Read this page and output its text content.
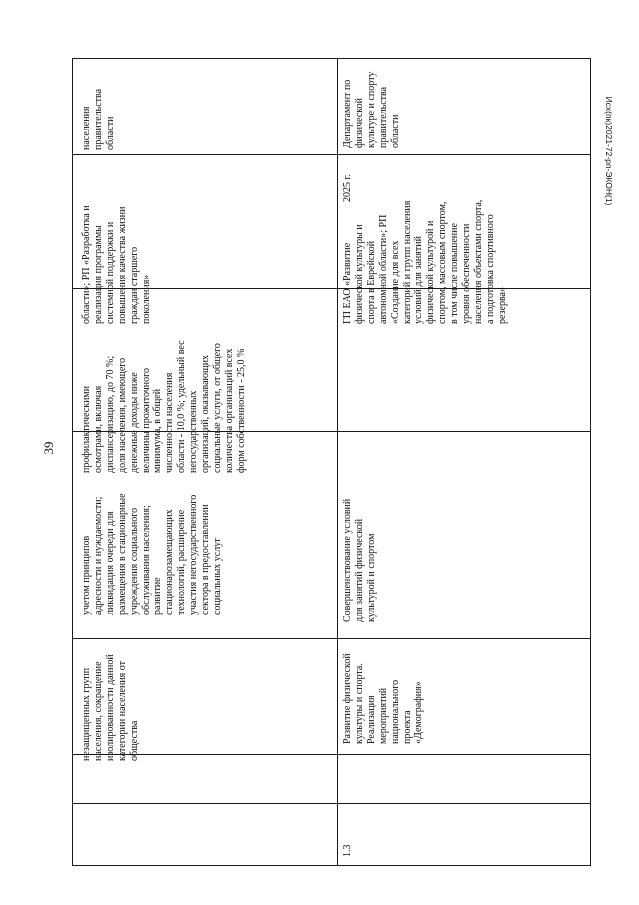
39
Исх(пк)2021-72-рп-ЭКОН(1)
незащищенных групп населения, сокращение изолированности данной категории населения от общества
учетом принципов адресности и нуждаемости; ликвидация очереди для размещения в стационарные учреждения социального обслуживания населения; развитие стационарозамещающих технологий, расширение участия негосударственного сектора в предоставлении социальных услуг
профилактическими осмотрами, включая диспансеризацию, до 70 %; доля населения, имеющего денежные доходы ниже величины прожиточного минимума, в общей численности населения области - 10,0 %; удельный вес негосударственных организаций, оказывающих социальные услуги, от общего количества организаций всех форм собственности - 25,0 %
области»; РП «Разработка и реализация программы системной поддержки и повышения качества жизни граждан старшего поколения»
населения правительства области
1.3
Развитие физической культуры и спорта. Реализация мероприятий национального проекта «Демография»
Совершенствование условий для занятий физической культурой и спортом
ГП ЕАО «Развитие физической культуры и спорта в Еврейской автономной области»; РП «Создание для всех категорий и групп населения условий для занятий физической культурой и спортом, массовым спортом, в том числе повышение уровня обеспеченности населения объектами спорта, а подготовка спортивного резерва»
2025 г.
Департамент по физической культуре и спорту правительства области
